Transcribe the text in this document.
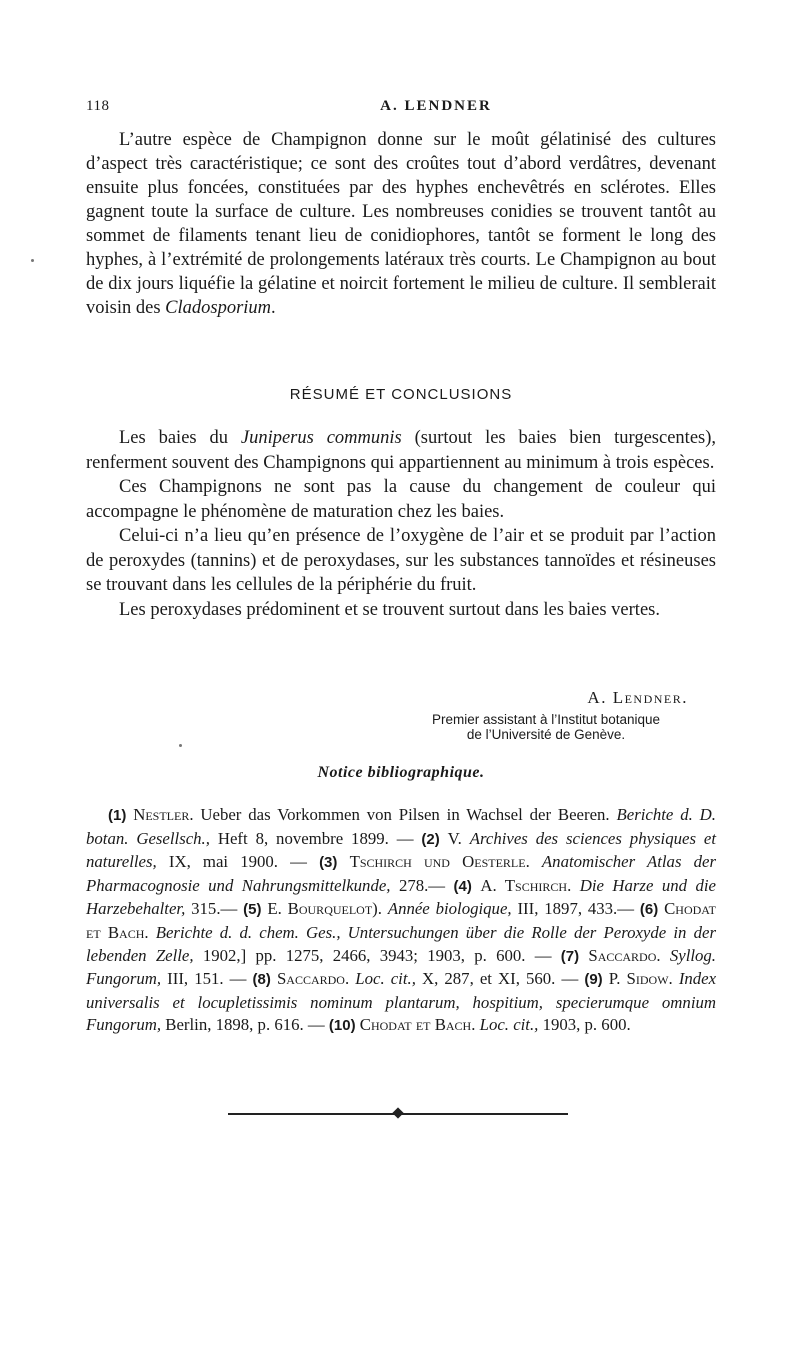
118	A. LENDNER

L’autre espèce de Champignon donne sur le moût gélatinisé des cultures d’aspect très caractéristique; ce sont des croûtes tout d’abord verdâtres, devenant ensuite plus foncées, constituées par des hyphes enchevêtrés en sclérotes. Elles gagnent toute la surface de culture. Les nombreuses conidies se trouvent tantôt au sommet de filaments tenant lieu de conidiophores, tantôt se forment le long des hyphes, à l’extrémité de prolongements latéraux très courts. Le Champignon au bout de dix jours liquéfie la gélatine et noircit fortement le milieu de culture. Il semblerait voisin des Cladosporium.

RÉSUMÉ ET CONCLUSIONS

Les baies du Juniperus communis (surtout les baies bien turgescentes), renferment souvent des Champignons qui appartiennent au minimum à trois espèces.

Ces Champignons ne sont pas la cause du changement de couleur qui accompagne le phénomène de maturation chez les baies.

Celui-ci n’a lieu qu’en présence de l’oxygène de l’air et se produit par l’action de peroxydes (tannins) et de peroxydases, sur les substances tannoïdes et résineuses se trouvant dans les cellules de la périphérie du fruit.

Les peroxydases prédominent et se trouvent surtout dans les baies vertes.

A. Lendner.
Premier assistant à l’Institut botanique
de l’Université de Genève.
Notice bibliographique.

(1) Nestler. Ueber das Vorkommen von Pilsen in Wachsel der Beeren. Berichte d. D. botan. Gesellsch., Heft 8, novembre 1899. — (2) V. Archives des sciences physiques et naturelles, IX, mai 1900. — (3) Tschirch und Oesterle. Anatomischer Atlas der Pharmacognosie und Nahrungsmittelkunde, 278.— (4) A. Tschirch. Die Harze und die Harzebehalter, 315.— (5) E. Bourquelot). Année biologique, III, 1897, 433.— (6) Chodat et Bach. Berichte d. d. chem. Ges., Untersuchungen über die Rolle der Peroxyde in der lebenden Zelle, 1902,] pp. 1275, 2466, 3943; 1903, p. 600. — (7) Saccardo. Syllog. Fungorum, III, 151. — (8) Saccardo. Loc. cit., X, 287, et XI, 560. — (9) P. Sidow. Index universalis et locupletissimis nominum plantarum, hospitium, specierumque omnium Fungorum, Berlin, 1898, p. 616. — (10) Chodat et Bach. Loc. cit., 1903, p. 600.
